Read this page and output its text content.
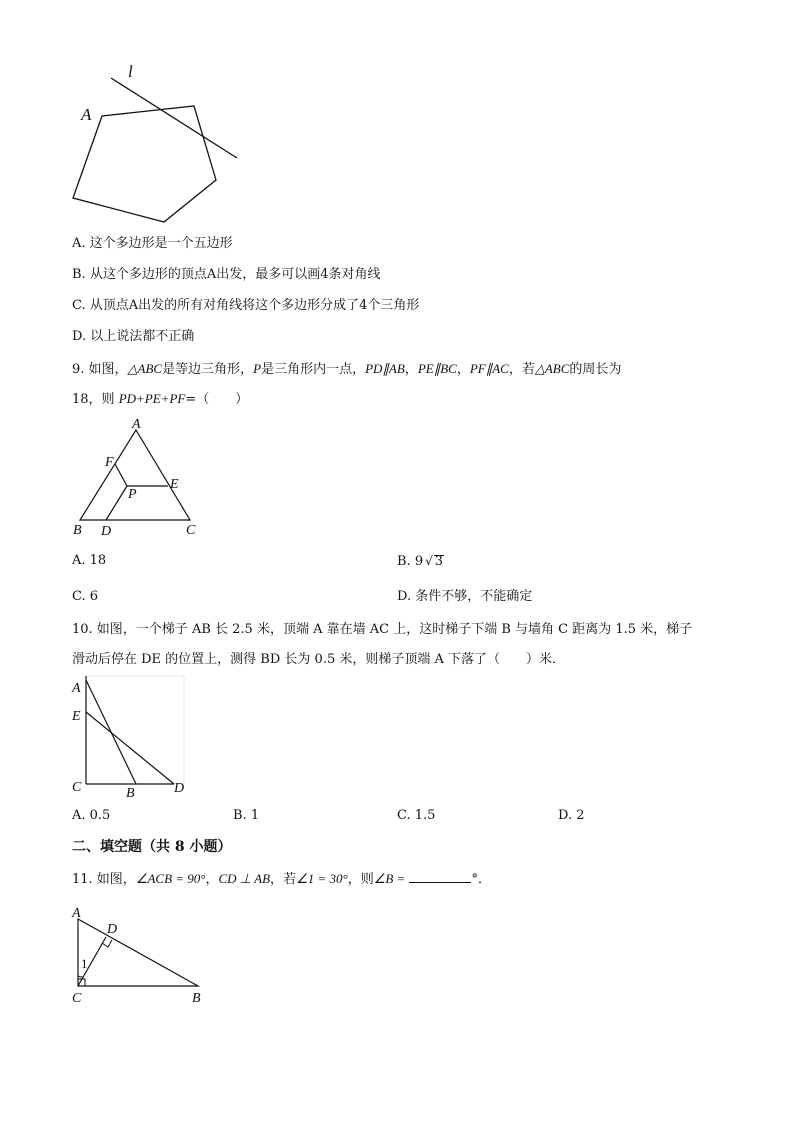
A
l
A. 这个多边形是一个五边形
B. 从这个多边形的顶点A出发，最多可以画4条对角线
C. 从顶点A出发的所有对角线将这个多边形分成了4个三角形
D. 以上说法都不正确
9. 如图，△ABC是等边三角形，P是三角形内一点，PD∥AB，PE∥BC，PF∥AC，若△ABC的周长为
18，则 PD+PE+PF=（　　）
A
B	C
D
E
F
P
A. 18	B. 9 √ 3
C. 6	D. 条件不够，不能确定
10. 如图，一个梯子 AB 长 2.5 米，顶端 A 靠在墙 AC 上，这时梯子下端 B 与墙角 C 距离为 1.5 米，梯子
滑动后停在 DE 的位置上，测得 BD 长为 0.5 米，则梯子顶端 A 下落了（　　）米．
A
E
C	B	D
A. 0.5	B. 1	C. 1.5	D. 2
二、填空题（共 8 小题）
11. 如图，∠ACB = 90°，CD ⊥ AB，若∠1 = 30°，则∠B =	°．
A
D
C	B
1
